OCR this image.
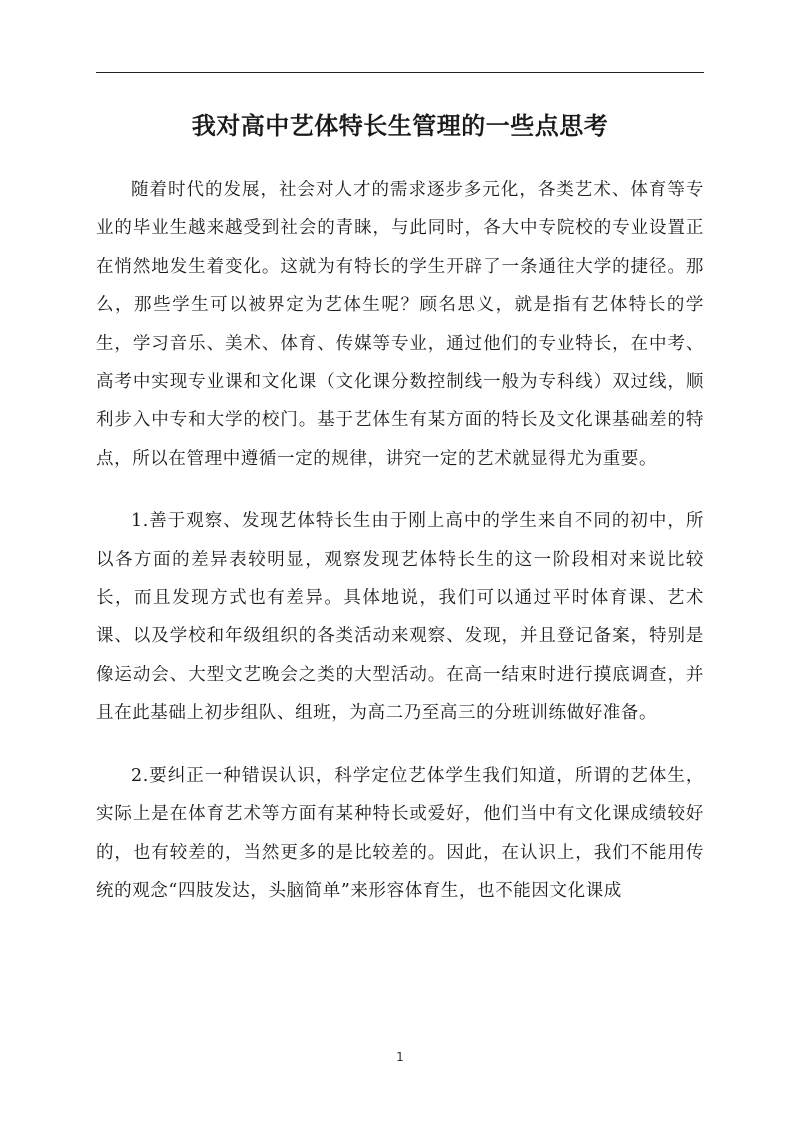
我对高中艺体特长生管理的一些点思考

随着时代的发展，社会对人才的需求逐步多元化，各类艺术、体育等专业的毕业生越来越受到社会的青睐，与此同时，各大中专院校的专业设置正在悄然地发生着变化。这就为有特长的学生开辟了一条通往大学的捷径。那么，那些学生可以被界定为艺体生呢？顾名思义，就是指有艺体特长的学生，学习音乐、美术、体育、传媒等专业，通过他们的专业特长，在中考、高考中实现专业课和文化课（文化课分数控制线一般为专科线）双过线，顺利步入中专和大学的校门。基于艺体生有某方面的特长及文化课基础差的特点，所以在管理中遵循一定的规律，讲究一定的艺术就显得尤为重要。

1.善于观察、发现艺体特长生由于刚上高中的学生来自不同的初中，所以各方面的差异表较明显，观察发现艺体特长生的这一阶段相对来说比较长，而且发现方式也有差异。具体地说，我们可以通过平时体育课、艺术课、以及学校和年级组织的各类活动来观察、发现，并且登记备案，特别是像运动会、大型文艺晚会之类的大型活动。在高一结束时进行摸底调查，并且在此基础上初步组队、组班，为高二乃至高三的分班训练做好准备。

2.要纠正一种错误认识，科学定位艺体学生我们知道，所谓的艺体生，实际上是在体育艺术等方面有某种特长或爱好，他们当中有文化课成绩较好的，也有较差的，当然更多的是比较差的。因此，在认识上，我们不能用传统的观念“四肢发达，头脑简单”来形容体育生，也不能因文化课成

1
